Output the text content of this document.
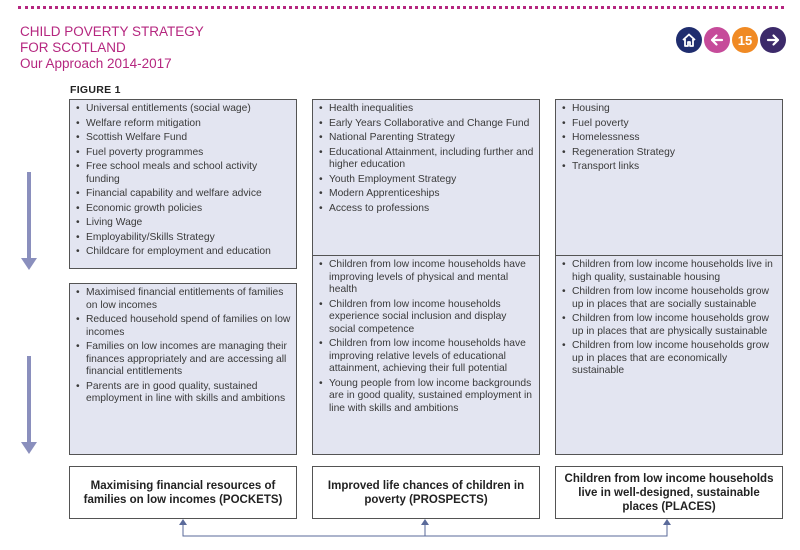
CHILD POVERTY STRATEGY
FOR SCOTLAND
Our Approach 2014-2017
15
FIGURE 1
• Universal entitlements (social wage)
• Welfare reform mitigation
• Scottish Welfare Fund
• Fuel poverty programmes
• Free school meals and school activity funding
• Financial capability and welfare advice
• Economic growth policies
• Living Wage
• Employability/Skills Strategy
• Childcare for employment and education
• Health inequalities
• Early Years Collaborative and Change Fund
• National Parenting Strategy
• Educational Attainment, including further and higher education
• Youth Employment Strategy
• Modern Apprenticeships
• Access to professions
• Housing
• Fuel poverty
• Homelessness
• Regeneration Strategy
• Transport links
• Maximised financial entitlements of families on low incomes
• Reduced household spend of families on low incomes
• Families on low incomes are managing their finances appropriately and are accessing all financial entitlements
• Parents are in good quality, sustained employment in line with skills and ambitions
• Children from low income households have improving levels of physical and mental health
• Children from low income households experience social inclusion and display social competence
• Children from low income households have improving relative levels of educational attainment, achieving their full potential
• Young people from low income backgrounds are in good quality, sustained employment in line with skills and ambitions
• Children from low income households live in high quality, sustainable housing
• Children from low income households grow up in places that are socially sustainable
• Children from low income households grow up in places that are physically sustainable
• Children from low income households grow up in places that are economically sustainable
Maximising financial resources of families on low incomes (POCKETS)
Improved life chances of children in poverty (PROSPECTS)
Children from low income households live in well-designed, sustainable places (PLACES)
